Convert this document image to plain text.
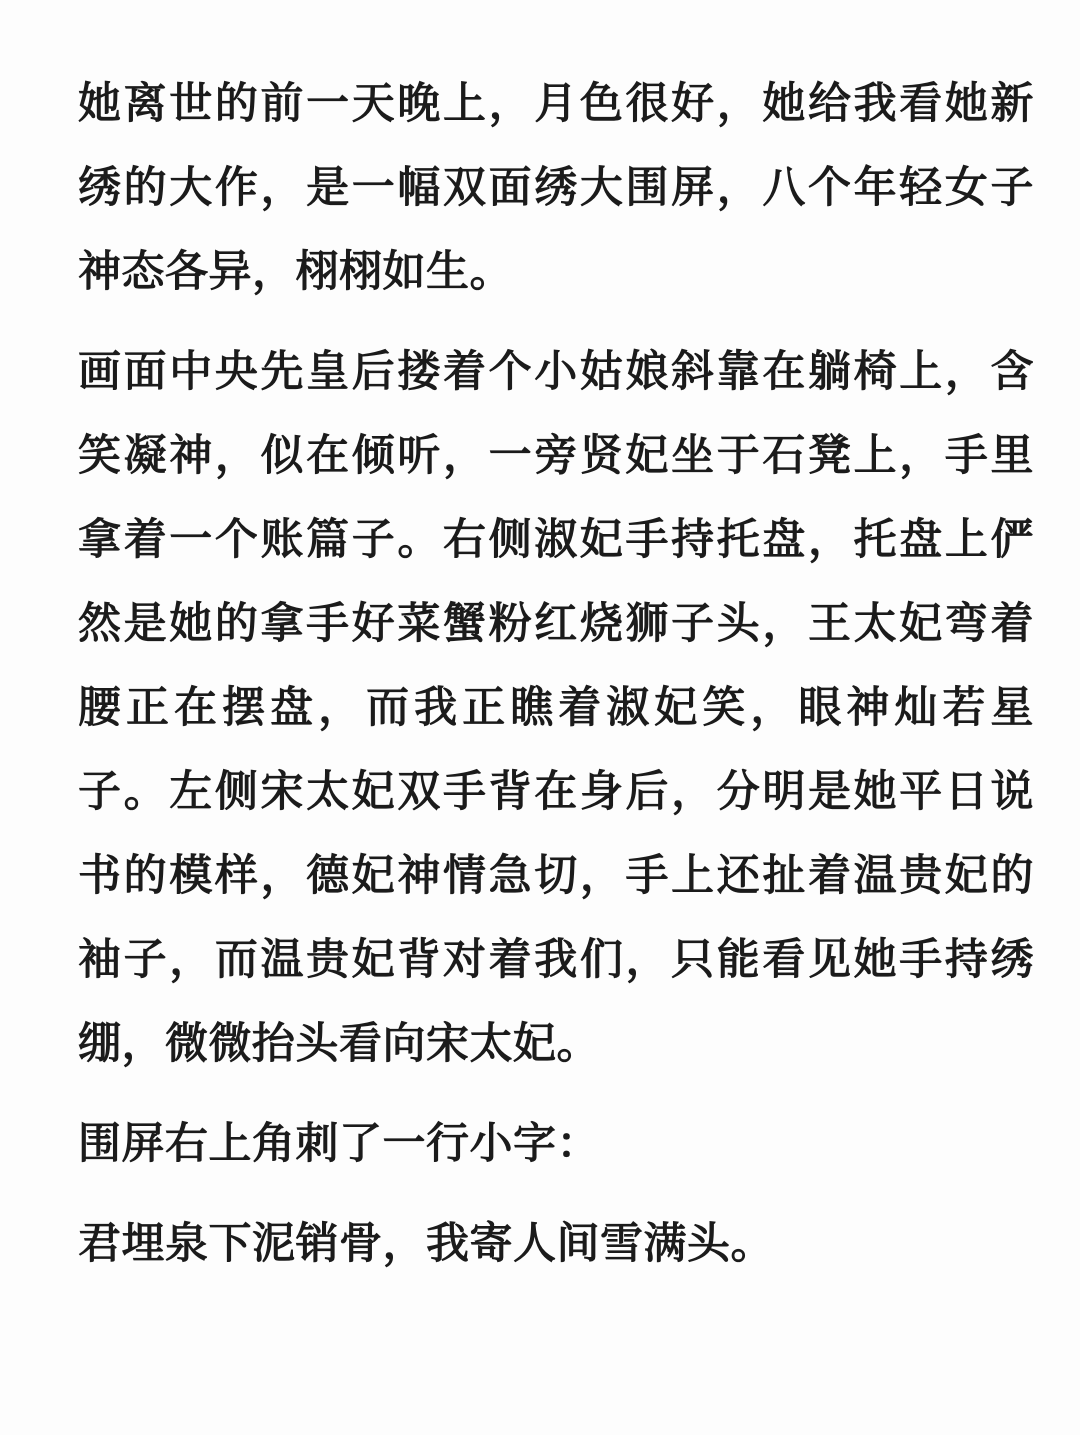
她离世的前一天晚上，月色很好，她给我看她新绣的大作，是一幅双面绣大围屏，八个年轻女子神态各异，栩栩如生。

画面中央先皇后搂着个小姑娘斜靠在躺椅上，含笑凝神，似在倾听，一旁贤妃坐于石凳上，手里拿着一个账篇子。右侧淑妃手持托盘，托盘上俨然是她的拿手好菜蟹粉红烧狮子头，王太妃弯着腰正在摆盘，而我正瞧着淑妃笑，眼神灿若星子。左侧宋太妃双手背在身后，分明是她平日说书的模样，德妃神情急切，手上还扯着温贵妃的袖子，而温贵妃背对着我们，只能看见她手持绣绷，微微抬头看向宋太妃。

围屏右上角刺了一行小字：

君埋泉下泥销骨，我寄人间雪满头。
